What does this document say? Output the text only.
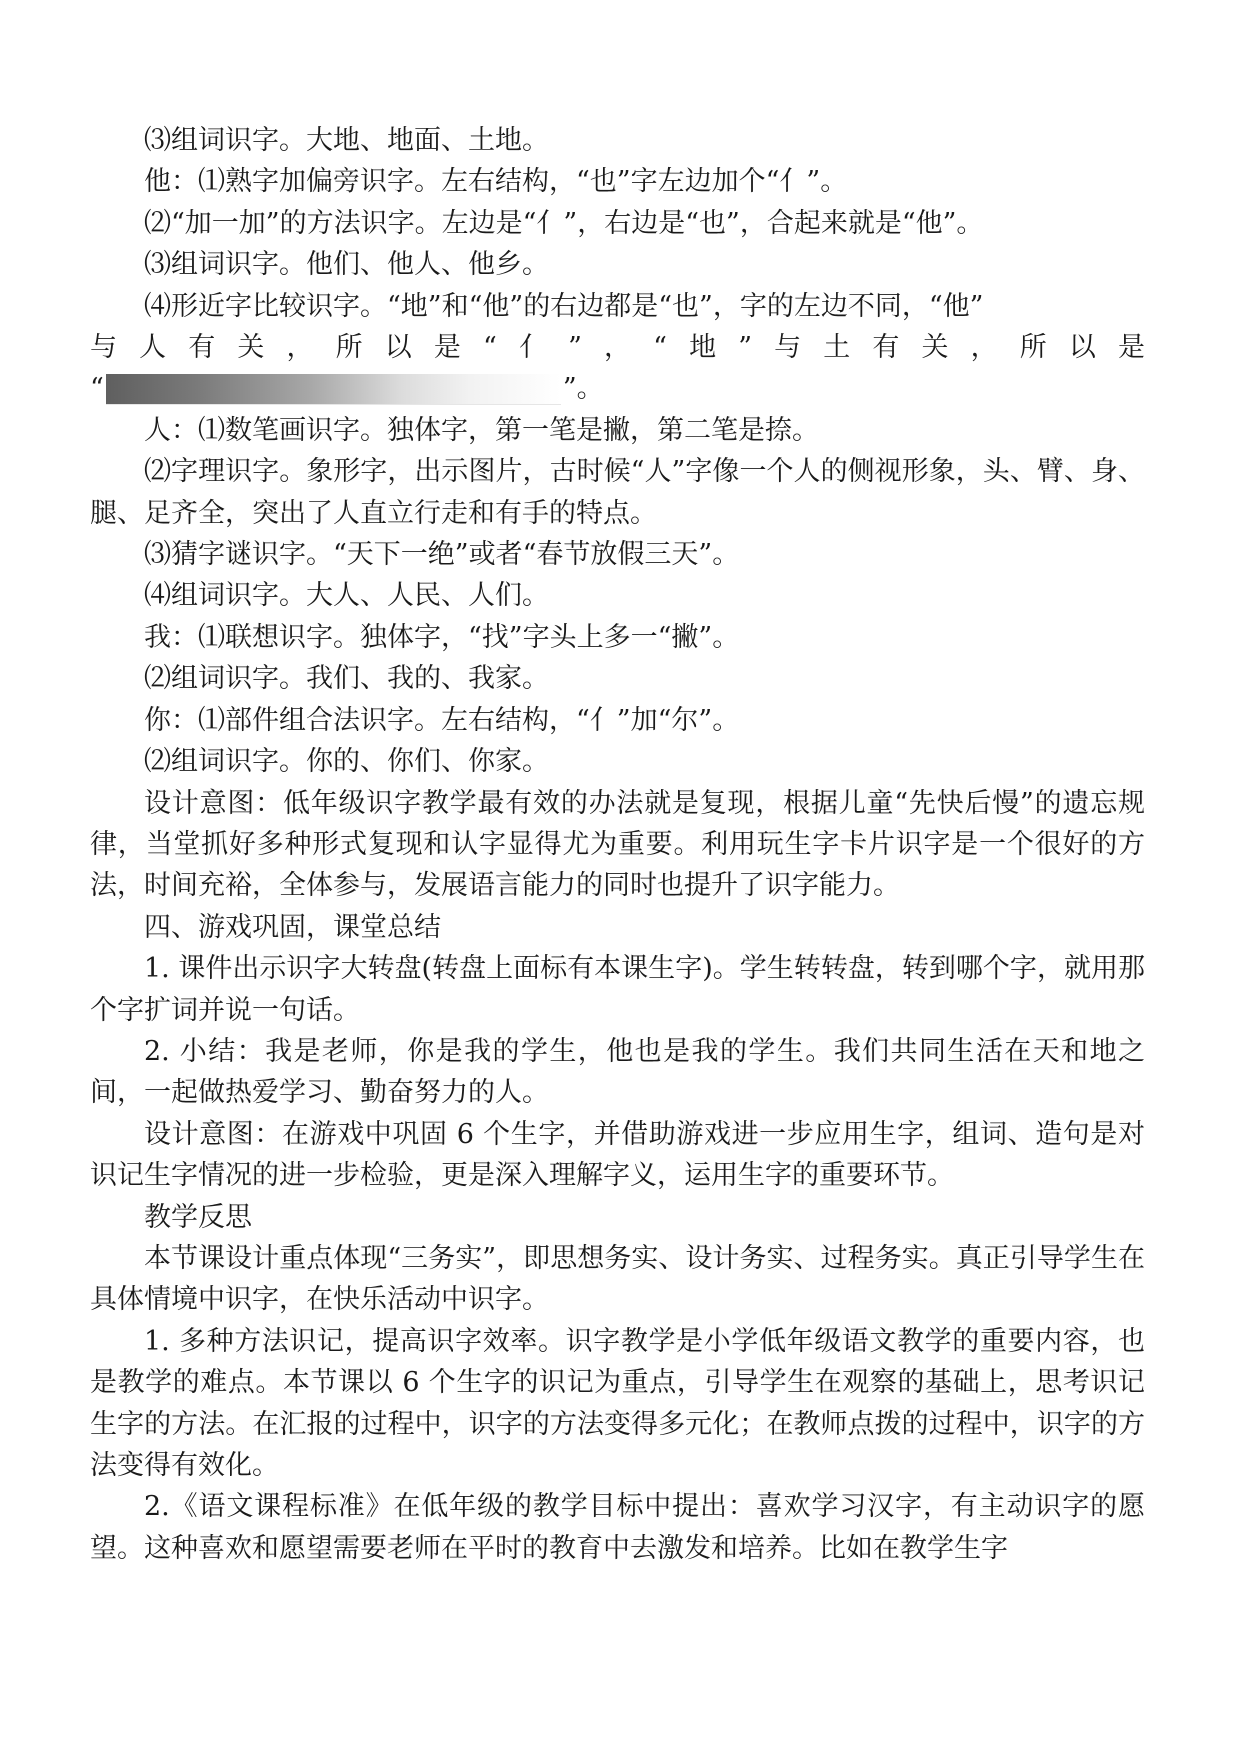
⑶组词识字。大地、地面、土地。

他：⑴熟字加偏旁识字。左右结构，“也”字左边加个“亻”。

⑵“加一加”的方法识字。左边是“亻”，右边是“也”，合起来就是“他”。

⑶组词识字。他们、他人、他乡。

⑷形近字比较识字。“地”和“他”的右边都是“也”，字的左边不同，“他”

与 人 有 关 ， 所 以 是 “ 亻 ” ， “ 地 ” 与 土 有 关 ， 所 以 是

“	”。

人：⑴数笔画识字。独体字，第一笔是撇，第二笔是捺。

⑵字理识字。象形字，出示图片，古时候“人”字像一个人的侧视形象，头、臂、身、腿、足齐全，突出了人直立行走和有手的特点。

⑶猜字谜识字。“天下一绝”或者“春节放假三天”。

⑷组词识字。大人、人民、人们。

我：⑴联想识字。独体字，“找”字头上多一“撇”。

⑵组词识字。我们、我的、我家。

你：⑴部件组合法识字。左右结构，“亻”加“尔”。

⑵组词识字。你的、你们、你家。

设计意图：低年级识字教学最有效的办法就是复现，根据儿童“先快后慢”的遗忘规律，当堂抓好多种形式复现和认字显得尤为重要。利用玩生字卡片识字是一个很好的方法，时间充裕，全体参与，发展语言能力的同时也提升了识字能力。

四、游戏巩固，课堂总结

1. 课件出示识字大转盘(转盘上面标有本课生字)。学生转转盘，转到哪个字，就用那个字扩词并说一句话。

2. 小结：我是老师，你是我的学生，他也是我的学生。我们共同生活在天和地之间，一起做热爱学习、勤奋努力的人。

设计意图：在游戏中巩固 6 个生字，并借助游戏进一步应用生字，组词、造句是对识记生字情况的进一步检验，更是深入理解字义，运用生字的重要环节。

教学反思

本节课设计重点体现“三务实”，即思想务实、设计务实、过程务实。真正引导学生在具体情境中识字，在快乐活动中识字。

1. 多种方法识记，提高识字效率。识字教学是小学低年级语文教学的重要内容，也是教学的难点。本节课以 6 个生字的识记为重点，引导学生在观察的基础上，思考识记生字的方法。在汇报的过程中，识字的方法变得多元化；在教师点拨的过程中，识字的方法变得有效化。

2.《语文课程标准》在低年级的教学目标中提出：喜欢学习汉字，有主动识字的愿望。这种喜欢和愿望需要老师在平时的教育中去激发和培养。比如在教学生字
